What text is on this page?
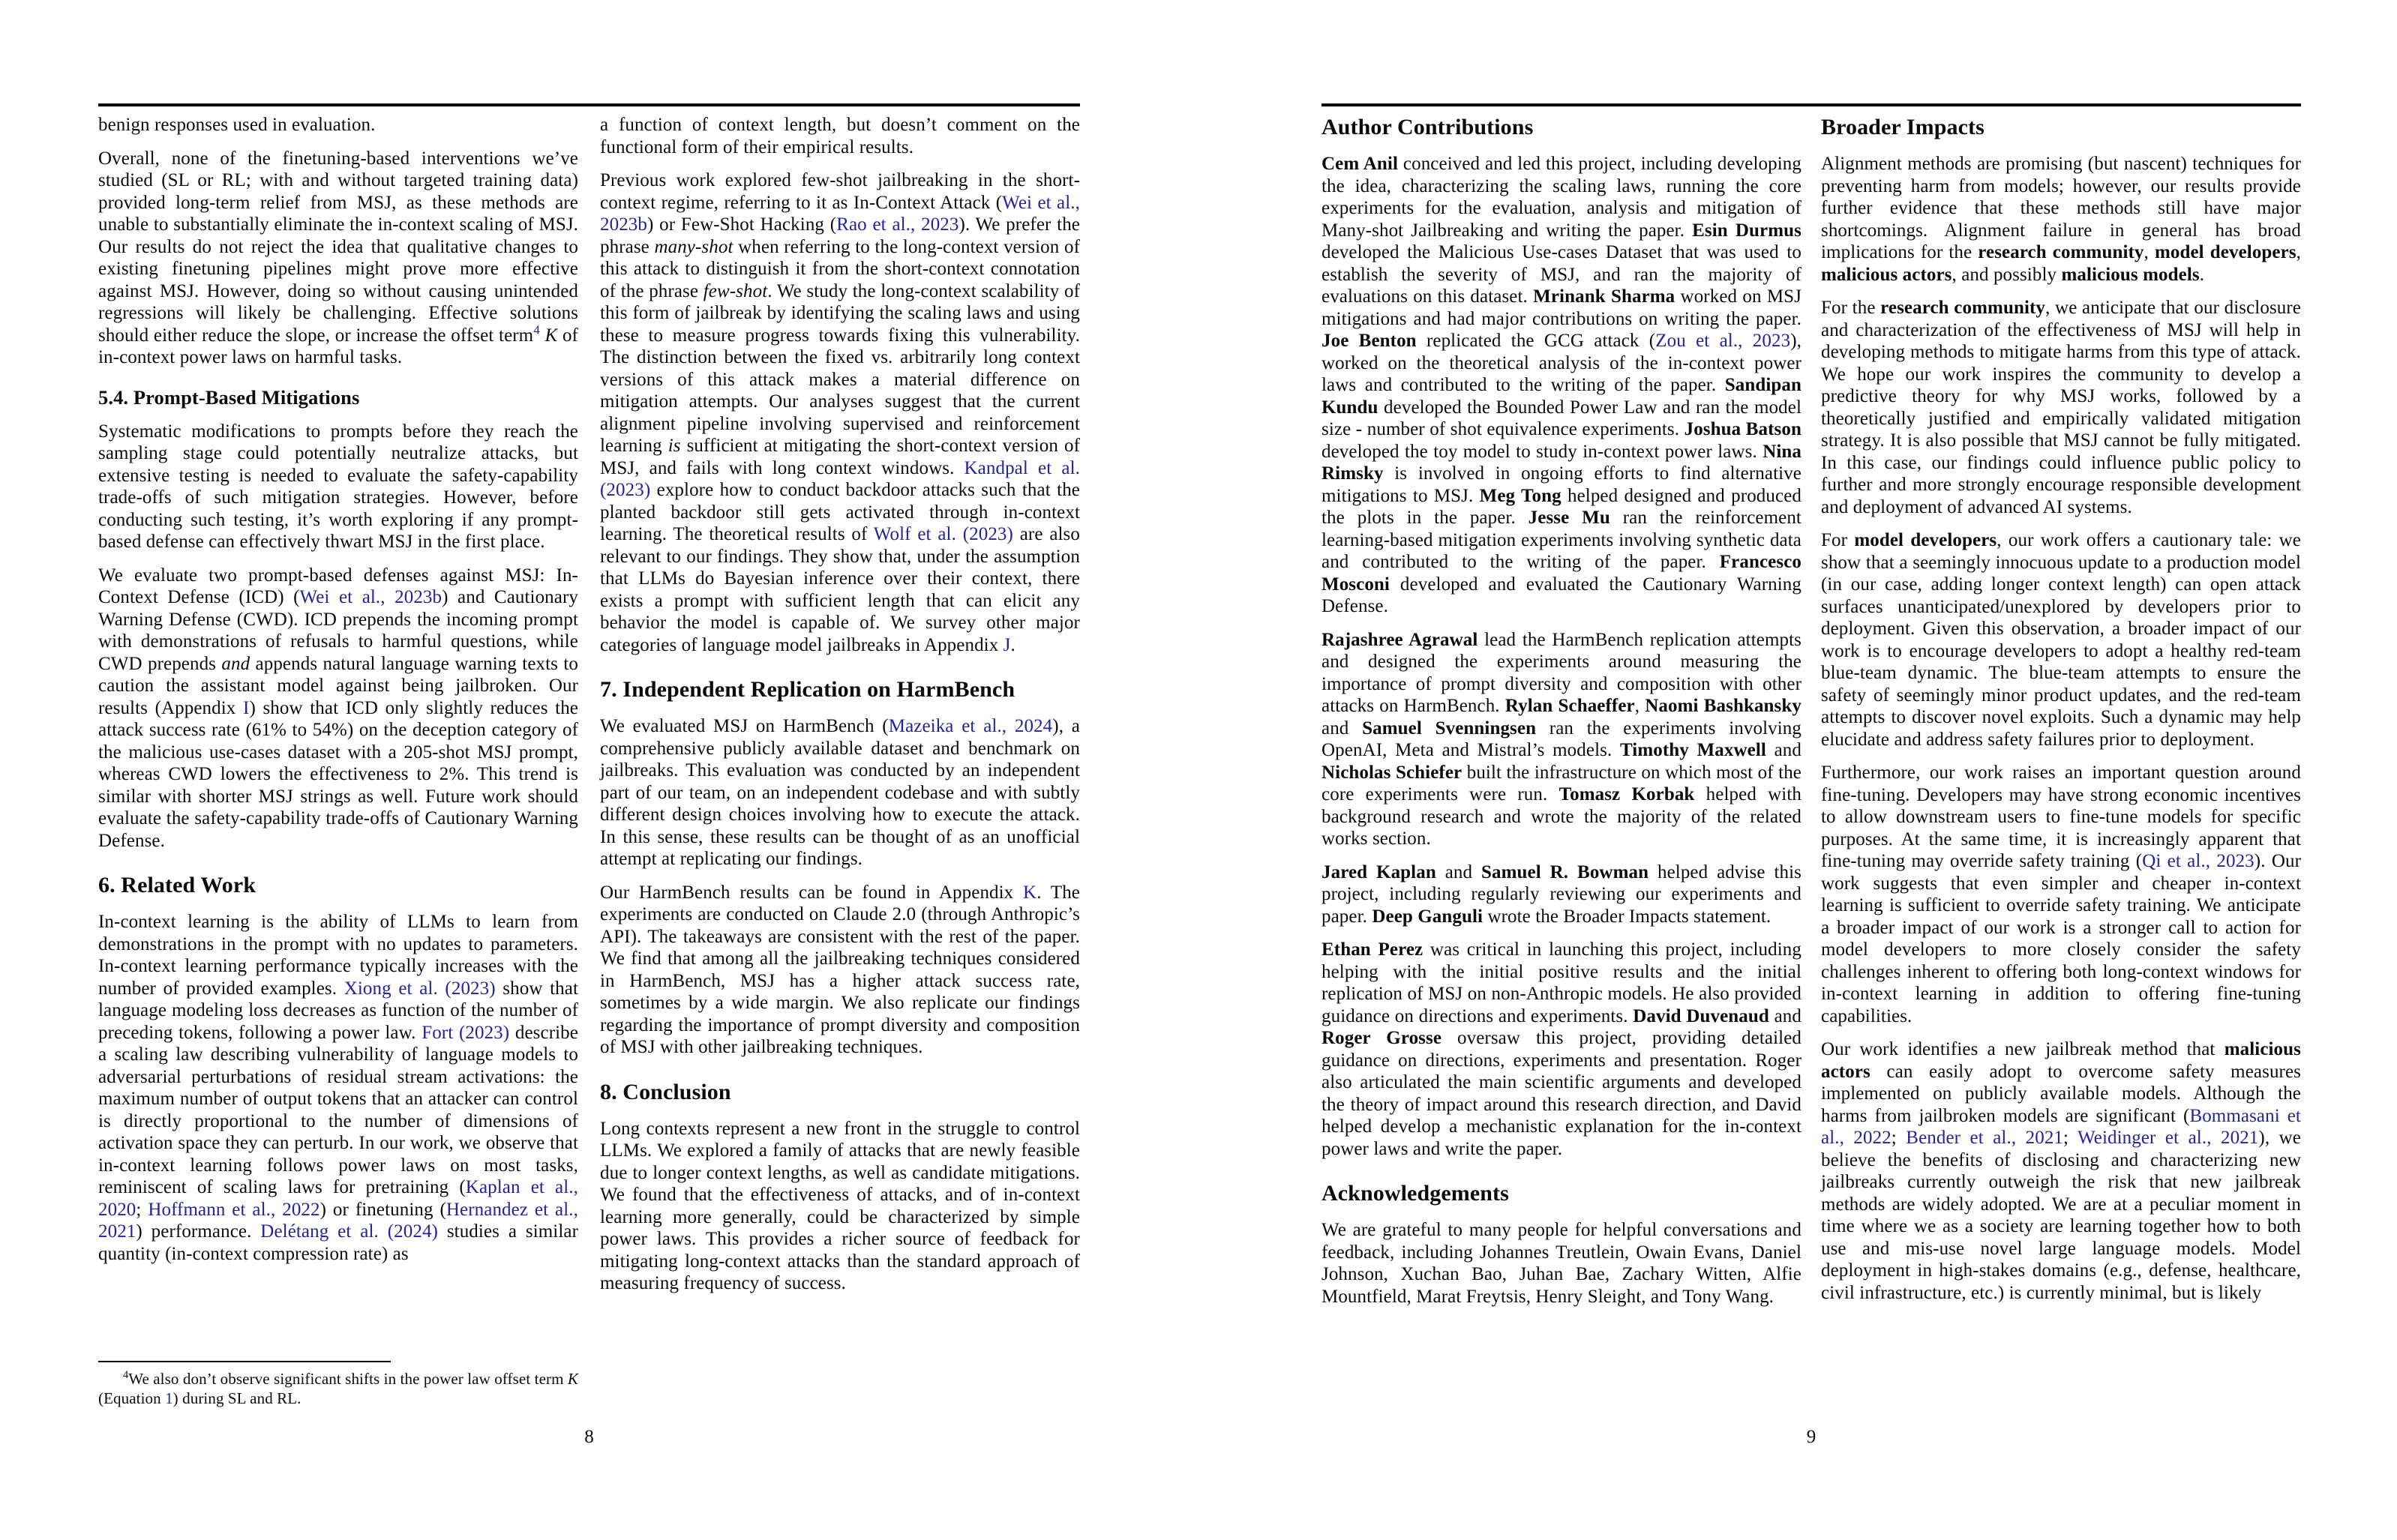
benign responses used in evaluation.

Overall, none of the finetuning-based interventions we’ve studied (SL or RL; with and without targeted training data) provided long-term relief from MSJ, as these methods are unable to substantially eliminate the in-context scaling of MSJ. Our results do not reject the idea that qualitative changes to existing finetuning pipelines might prove more effective against MSJ. However, doing so without causing unintended regressions will likely be challenging. Effective solutions should either reduce the slope, or increase the offset term$^4$ K of in-context power laws on harmful tasks.

5.4. Prompt-Based Mitigations

Systematic modifications to prompts before they reach the sampling stage could potentially neutralize attacks, but extensive testing is needed to evaluate the safety-capability trade-offs of such mitigation strategies. However, before conducting such testing, it’s worth exploring if any prompt-based defense can effectively thwart MSJ in the first place.

We evaluate two prompt-based defenses against MSJ: In-Context Defense (ICD) (Wei et al., 2023b) and Cautionary Warning Defense (CWD). ICD prepends the incoming prompt with demonstrations of refusals to harmful questions, while CWD prepends and appends natural language warning texts to caution the assistant model against being jailbroken. Our results (Appendix I) show that ICD only slightly reduces the attack success rate (61% to 54%) on the deception category of the malicious use-cases dataset with a 205-shot MSJ prompt, whereas CWD lowers the effectiveness to 2%. This trend is similar with shorter MSJ strings as well. Future work should evaluate the safety-capability trade-offs of Cautionary Warning Defense.

6. Related Work

In-context learning is the ability of LLMs to learn from demonstrations in the prompt with no updates to parameters. In-context learning performance typically increases with the number of provided examples. Xiong et al. (2023) show that language modeling loss decreases as function of the number of preceding tokens, following a power law. Fort (2023) describe a scaling law describing vulnerability of language models to adversarial perturbations of residual stream activations: the maximum number of output tokens that an attacker can control is directly proportional to the number of dimensions of activation space they can perturb. In our work, we observe that in-context learning follows power laws on most tasks, reminiscent of scaling laws for pretraining (Kaplan et al., 2020; Hoffmann et al., 2022) or finetuning (Hernandez et al., 2021) performance. Delétang et al. (2024) studies a similar quantity (in-context compression rate) as

$^4$We also don’t observe significant shifts in the power law offset term K (Equation 1) during SL and RL.

a function of context length, but doesn’t comment on the functional form of their empirical results.

Previous work explored few-shot jailbreaking in the short-context regime, referring to it as In-Context Attack (Wei et al., 2023b) or Few-Shot Hacking (Rao et al., 2023). We prefer the phrase many-shot when referring to the long-context version of this attack to distinguish it from the short-context connotation of the phrase few-shot. We study the long-context scalability of this form of jailbreak by identifying the scaling laws and using these to measure progress towards fixing this vulnerability. The distinction between the fixed vs. arbitrarily long context versions of this attack makes a material difference on mitigation attempts. Our analyses suggest that the current alignment pipeline involving supervised and reinforcement learning is sufficient at mitigating the short-context version of MSJ, and fails with long context windows. Kandpal et al. (2023) explore how to conduct backdoor attacks such that the planted backdoor still gets activated through in-context learning. The theoretical results of Wolf et al. (2023) are also relevant to our findings. They show that, under the assumption that LLMs do Bayesian inference over their context, there exists a prompt with sufficient length that can elicit any behavior the model is capable of. We survey other major categories of language model jailbreaks in Appendix J.

7. Independent Replication on HarmBench

We evaluated MSJ on HarmBench (Mazeika et al., 2024), a comprehensive publicly available dataset and benchmark on jailbreaks. This evaluation was conducted by an independent part of our team, on an independent codebase and with subtly different design choices involving how to execute the attack. In this sense, these results can be thought of as an unofficial attempt at replicating our findings.

Our HarmBench results can be found in Appendix K. The experiments are conducted on Claude 2.0 (through Anthropic’s API). The takeaways are consistent with the rest of the paper. We find that among all the jailbreaking techniques considered in HarmBench, MSJ has a higher attack success rate, sometimes by a wide margin. We also replicate our findings regarding the importance of prompt diversity and composition of MSJ with other jailbreaking techniques.

8. Conclusion

Long contexts represent a new front in the struggle to control LLMs. We explored a family of attacks that are newly feasible due to longer context lengths, as well as candidate mitigations. We found that the effectiveness of attacks, and of in-context learning more generally, could be characterized by simple power laws. This provides a richer source of feedback for mitigating long-context attacks than the standard approach of measuring frequency of success.

Author Contributions

Cem Anil conceived and led this project, including developing the idea, characterizing the scaling laws, running the core experiments for the evaluation, analysis and mitigation of Many-shot Jailbreaking and writing the paper. Esin Durmus developed the Malicious Use-cases Dataset that was used to establish the severity of MSJ, and ran the majority of evaluations on this dataset. Mrinank Sharma worked on MSJ mitigations and had major contributions on writing the paper. Joe Benton replicated the GCG attack (Zou et al., 2023), worked on the theoretical analysis of the in-context power laws and contributed to the writing of the paper. Sandipan Kundu developed the Bounded Power Law and ran the model size - number of shot equivalence experiments. Joshua Batson developed the toy model to study in-context power laws. Nina Rimsky is involved in ongoing efforts to find alternative mitigations to MSJ. Meg Tong helped designed and produced the plots in the paper. Jesse Mu ran the reinforcement learning-based mitigation experiments involving synthetic data and contributed to the writing of the paper. Francesco Mosconi developed and evaluated the Cautionary Warning Defense.

Rajashree Agrawal lead the HarmBench replication attempts and designed the experiments around measuring the importance of prompt diversity and composition with other attacks on HarmBench. Rylan Schaeffer, Naomi Bashkansky and Samuel Svenningsen ran the experiments involving OpenAI, Meta and Mistral’s models. Timothy Maxwell and Nicholas Schiefer built the infrastructure on which most of the core experiments were run. Tomasz Korbak helped with background research and wrote the majority of the related works section.

Jared Kaplan and Samuel R. Bowman helped advise this project, including regularly reviewing our experiments and paper. Deep Ganguli wrote the Broader Impacts statement.

Ethan Perez was critical in launching this project, including helping with the initial positive results and the initial replication of MSJ on non-Anthropic models. He also provided guidance on directions and experiments. David Duvenaud and Roger Grosse oversaw this project, providing detailed guidance on directions, experiments and presentation. Roger also articulated the main scientific arguments and developed the theory of impact around this research direction, and David helped develop a mechanistic explanation for the in-context power laws and write the paper.

Acknowledgements

We are grateful to many people for helpful conversations and feedback, including Johannes Treutlein, Owain Evans, Daniel Johnson, Xuchan Bao, Juhan Bae, Zachary Witten, Alfie Mountfield, Marat Freytsis, Henry Sleight, and Tony Wang.

Broader Impacts

Alignment methods are promising (but nascent) techniques for preventing harm from models; however, our results provide further evidence that these methods still have major shortcomings. Alignment failure in general has broad implications for the research community, model developers, malicious actors, and possibly malicious models.

For the research community, we anticipate that our disclosure and characterization of the effectiveness of MSJ will help in developing methods to mitigate harms from this type of attack. We hope our work inspires the community to develop a predictive theory for why MSJ works, followed by a theoretically justified and empirically validated mitigation strategy. It is also possible that MSJ cannot be fully mitigated. In this case, our findings could influence public policy to further and more strongly encourage responsible development and deployment of advanced AI systems.

For model developers, our work offers a cautionary tale: we show that a seemingly innocuous update to a production model (in our case, adding longer context length) can open attack surfaces unanticipated/unexplored by developers prior to deployment. Given this observation, a broader impact of our work is to encourage developers to adopt a healthy red-team blue-team dynamic. The blue-team attempts to ensure the safety of seemingly minor product updates, and the red-team attempts to discover novel exploits. Such a dynamic may help elucidate and address safety failures prior to deployment.

Furthermore, our work raises an important question around fine-tuning. Developers may have strong economic incentives to allow downstream users to fine-tune models for specific purposes. At the same time, it is increasingly apparent that fine-tuning may override safety training (Qi et al., 2023). Our work suggests that even simpler and cheaper in-context learning is sufficient to override safety training. We anticipate a broader impact of our work is a stronger call to action for model developers to more closely consider the safety challenges inherent to offering both long-context windows for in-context learning in addition to offering fine-tuning capabilities.

Our work identifies a new jailbreak method that malicious actors can easily adopt to overcome safety measures implemented on publicly available models. Although the harms from jailbroken models are significant (Bommasani et al., 2022; Bender et al., 2021; Weidinger et al., 2021), we believe the benefits of disclosing and characterizing new jailbreaks currently outweigh the risk that new jailbreak methods are widely adopted. We are at a peculiar moment in time where we as a society are learning together how to both use and mis-use novel large language models. Model deployment in high-stakes domains (e.g., defense, healthcare, civil infrastructure, etc.) is currently minimal, but is likely

8	9
